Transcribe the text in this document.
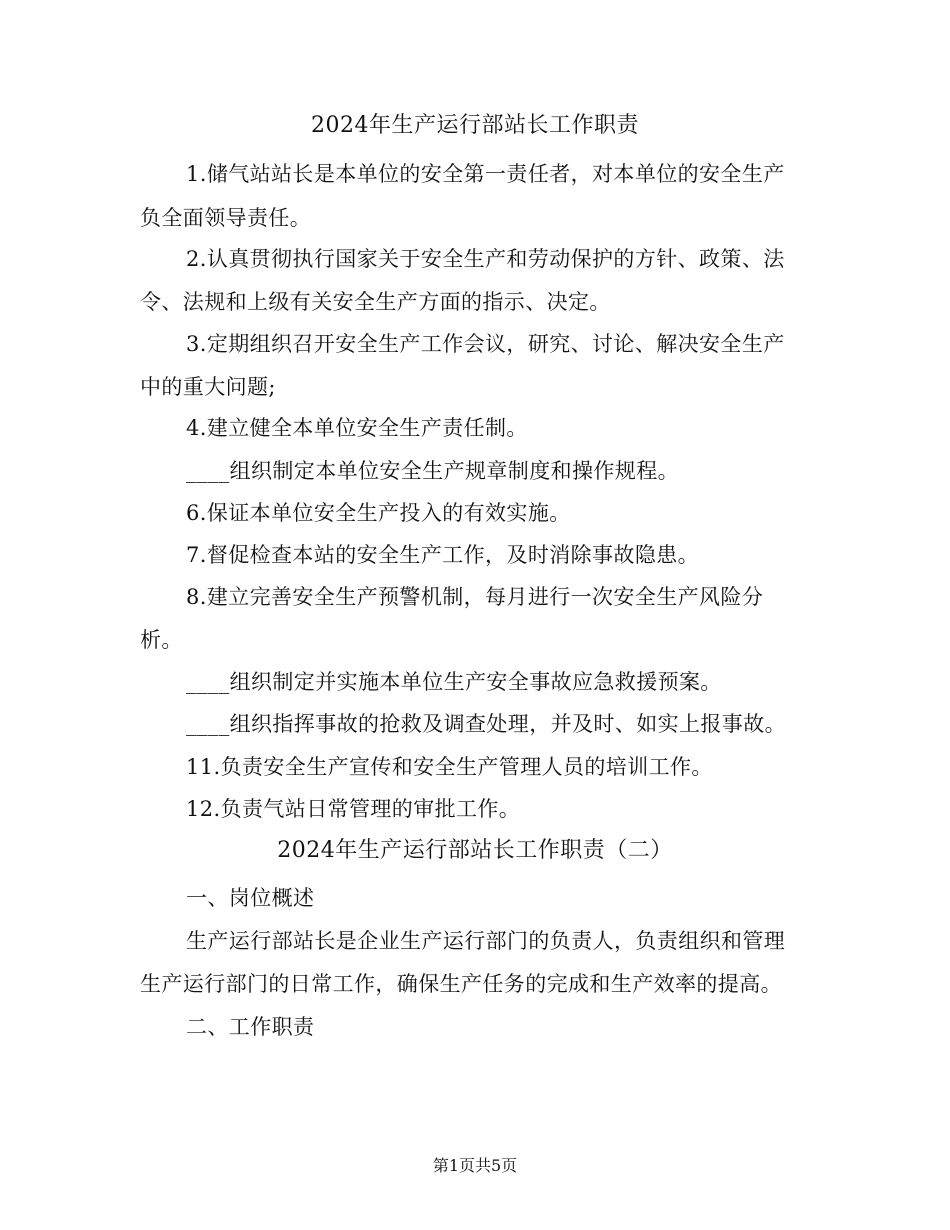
2024年生产运行部站长工作职责
1.储气站站长是本单位的安全第一责任者，对本单位的安全生产
负全面领导责任。
2.认真贯彻执行国家关于安全生产和劳动保护的方针、政策、法
令、法规和上级有关安全生产方面的指示、决定。
3.定期组织召开安全生产工作会议，研究、讨论、解决安全生产
中的重大问题;
4.建立健全本单位安全生产责任制。
____组织制定本单位安全生产规章制度和操作规程。
6.保证本单位安全生产投入的有效实施。
7.督促检查本站的安全生产工作，及时消除事故隐患。
8.建立完善安全生产预警机制，每月进行一次安全生产风险分
析。
____组织制定并实施本单位生产安全事故应急救援预案。
____组织指挥事故的抢救及调查处理，并及时、如实上报事故。
11.负责安全生产宣传和安全生产管理人员的培训工作。
12.负责气站日常管理的审批工作。
2024年生产运行部站长工作职责（二）
一、岗位概述
生产运行部站长是企业生产运行部门的负责人，负责组织和管理
生产运行部门的日常工作，确保生产任务的完成和生产效率的提高。
二、工作职责
第1页共5页
